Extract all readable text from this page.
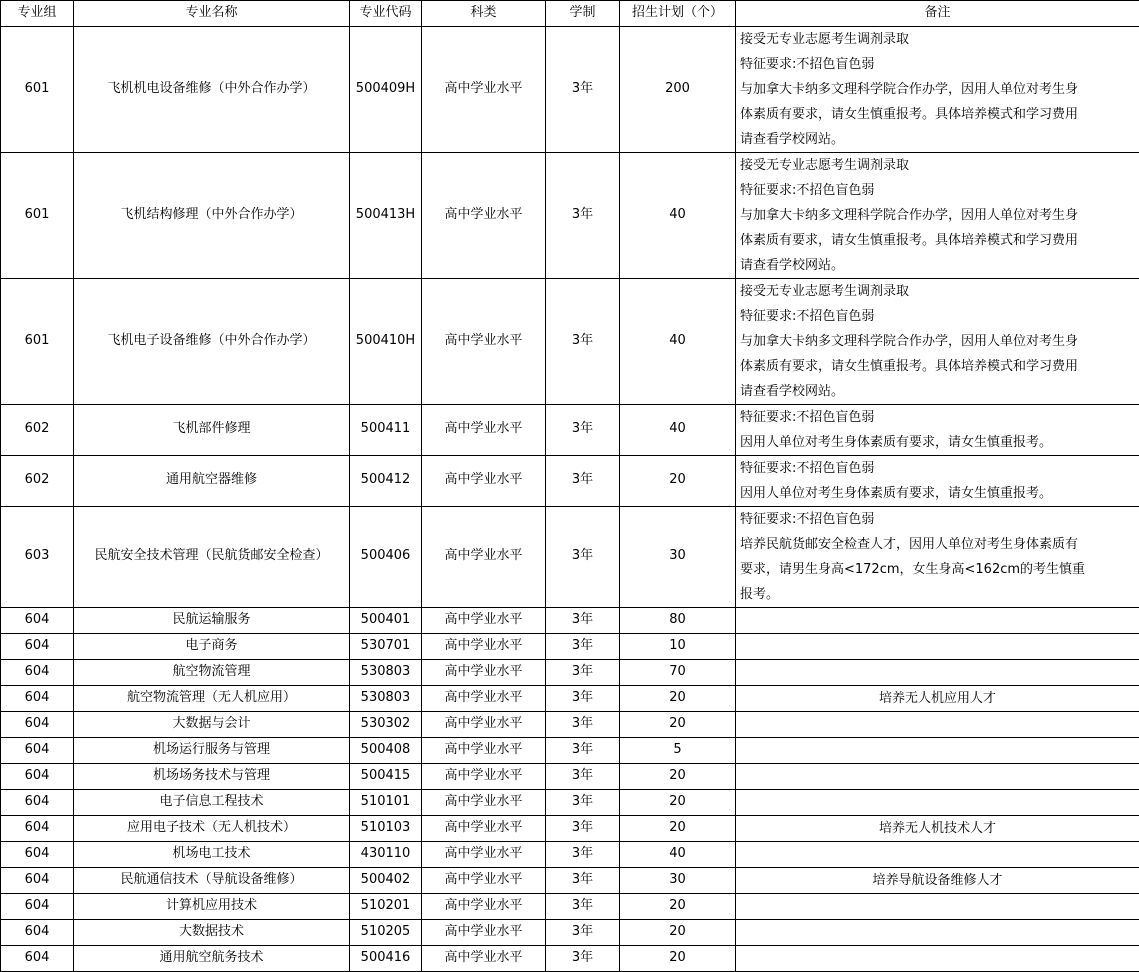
专业组	专业名称	专业代码	科类	学制	招生计划（个）	备注
601	飞机机电设备维修（中外合作办学）	500409H	高中学业水平	3年	200	接受无专业志愿考生调剂录取
特征要求:不招色盲色弱
与加拿大卡纳多文理科学院合作办学，因用人单位对考生身
体素质有要求，请女生慎重报考。具体培养模式和学习费用
请查看学校网站。

601	飞机结构修理（中外合作办学）	500413H	高中学业水平	3年	40	接受无专业志愿考生调剂录取
特征要求:不招色盲色弱
与加拿大卡纳多文理科学院合作办学，因用人单位对考生身
体素质有要求，请女生慎重报考。具体培养模式和学习费用
请查看学校网站。

601	飞机电子设备维修（中外合作办学）	500410H	高中学业水平	3年	40	接受无专业志愿考生调剂录取
特征要求:不招色盲色弱
与加拿大卡纳多文理科学院合作办学，因用人单位对考生身
体素质有要求，请女生慎重报考。具体培养模式和学习费用
请查看学校网站。

602	飞机部件修理	500411	高中学业水平	3年	40	特征要求:不招色盲色弱
因用人单位对考生身体素质有要求，请女生慎重报考。

602	通用航空器维修	500412	高中学业水平	3年	20	特征要求:不招色盲色弱
因用人单位对考生身体素质有要求，请女生慎重报考。

603	民航安全技术管理（民航货邮安全检查）	500406	高中学业水平	3年	30	特征要求:不招色盲色弱
培养民航货邮安全检查人才，因用人单位对考生身体素质有
要求，请男生身高<172cm，女生身高<162cm的考生慎重
报考。

604	民航运输服务	500401	高中学业水平	3年	80	
604	电子商务	530701	高中学业水平	3年	10	
604	航空物流管理	530803	高中学业水平	3年	70	
604	航空物流管理（无人机应用）	530803	高中学业水平	3年	20	培养无人机应用人才

604	大数据与会计	530302	高中学业水平	3年	20	
604	机场运行服务与管理	500408	高中学业水平	3年	5	
604	机场场务技术与管理	500415	高中学业水平	3年	20	
604	电子信息工程技术	510101	高中学业水平	3年	20	
604	应用电子技术（无人机技术）	510103	高中学业水平	3年	20	培养无人机技术人才

604	机场电工技术	430110	高中学业水平	3年	40	
604	民航通信技术（导航设备维修）	500402	高中学业水平	3年	30	培养导航设备维修人才

604	计算机应用技术	510201	高中学业水平	3年	20	
604	大数据技术	510205	高中学业水平	3年	20	
604	通用航空航务技术	500416	高中学业水平	3年	20	
